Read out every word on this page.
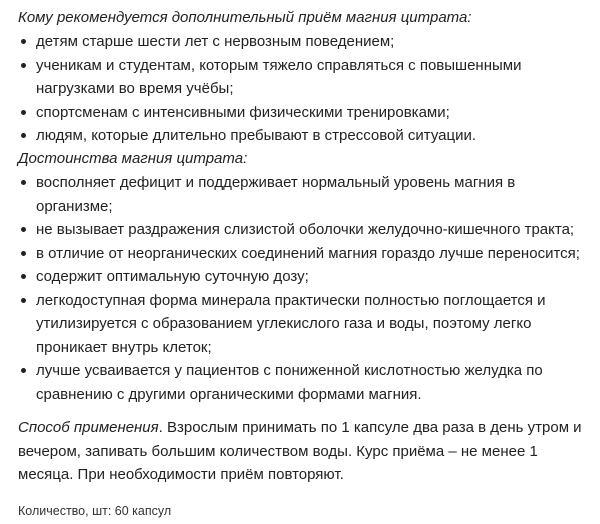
Кому рекомендуется дополнительный приём магния цитрата:
детям старше шести лет с нервозным поведением;
ученикам и студентам, которым тяжело справляться с повышенными нагрузками во время учёбы;
спортсменам с интенсивными физическими тренировками;
людям, которые длительно пребывают в стрессовой ситуации.
Достоинства магния цитрата:
восполняет дефицит и поддерживает нормальный уровень магния в организме;
не вызывает раздражения слизистой оболочки желудочно-кишечного тракта;
в отличие от неорганических соединений магния гораздо лучше переносится;
содержит оптимальную суточную дозу;
легкодоступная форма минерала практически полностью поглощается и утилизируется с образованием углекислого газа и воды, поэтому легко проникает внутрь клеток;
лучше усваивается у пациентов с пониженной кислотностью желудка по сравнению с другими органическими формами магния.
Способ применения. Взрослым принимать по 1 капсуле два раза в день утром и вечером, запивать большим количеством воды. Курс приёма – не менее 1 месяца. При необходимости приём повторяют.
Количество, шт: 60 капсул
